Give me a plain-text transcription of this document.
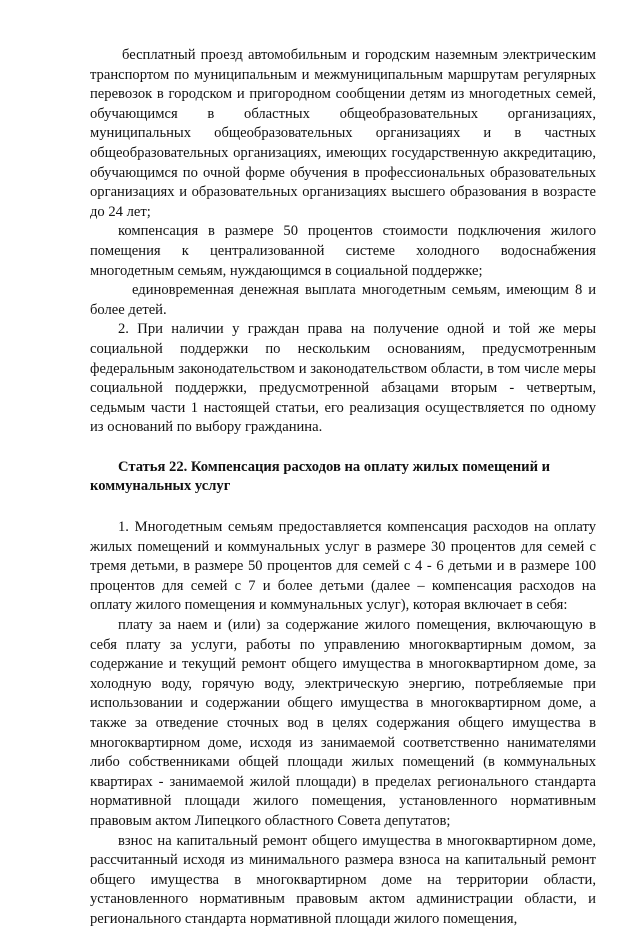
бесплатный проезд автомобильным и городским наземным электрическим транспортом по муниципальным и межмуниципальным маршрутам регулярных перевозок в городском и пригородном сообщении детям из многодетных семей, обучающимся в областных общеобразовательных организациях, муниципальных общеобразовательных организациях и в частных общеобразовательных организациях, имеющих государственную аккредитацию, обучающимся по очной форме обучения в профессиональных образовательных организациях и образовательных организациях высшего образования в возрасте до 24 лет;

компенсация в размере 50 процентов стоимости подключения жилого помещения к централизованной системе холодного водоснабжения многодетным семьям, нуждающимся в социальной поддержке;

единовременная денежная выплата многодетным семьям, имеющим 8 и более детей.

2. При наличии у граждан права на получение одной и той же меры социальной поддержки по нескольким основаниям, предусмотренным федеральным законодательством и законодательством области, в том числе меры социальной поддержки, предусмотренной абзацами вторым - четвертым, седьмым части 1 настоящей статьи, его реализация осуществляется по одному из оснований по выбору гражданина.

Статья 22. Компенсация расходов на оплату жилых помещений и
коммунальных услуг

1. Многодетным семьям предоставляется компенсация расходов на оплату жилых помещений и коммунальных услуг в размере 30 процентов для семей с тремя детьми, в размере 50 процентов для семей с 4 - 6 детьми и в размере 100 процентов для семей с 7 и более детьми (далее – компенсация расходов на оплату жилого помещения и коммунальных услуг), которая включает в себя:

плату за наем и (или) за содержание жилого помещения, включающую в себя плату за услуги, работы по управлению многоквартирным домом, за содержание и текущий ремонт общего имущества в многоквартирном доме, за холодную воду, горячую воду, электрическую энергию, потребляемые при использовании и содержании общего имущества в многоквартирном доме, а также за отведение сточных вод в целях содержания общего имущества в многоквартирном доме, исходя из занимаемой соответственно нанимателями либо собственниками общей площади жилых помещений (в коммунальных квартирах - занимаемой жилой площади) в пределах регионального стандарта нормативной площади жилого помещения, установленного нормативным правовым актом Липецкого областного Совета депутатов;

взнос на капитальный ремонт общего имущества в многоквартирном доме, рассчитанный исходя из минимального размера взноса на капитальный ремонт общего имущества в многоквартирном доме на территории области, установленного нормативным правовым актом администрации области, и регионального стандарта нормативной площади жилого помещения,
